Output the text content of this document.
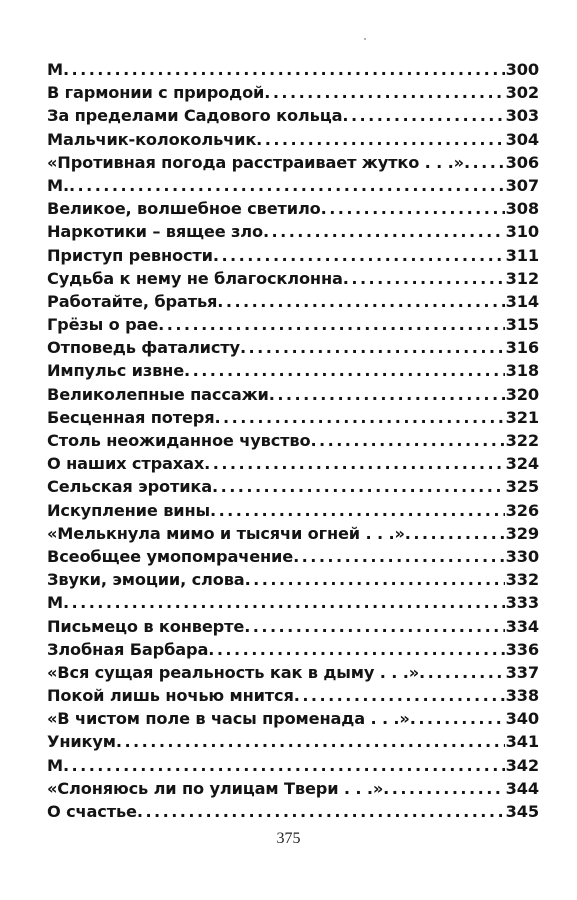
М . . .	300
В гармонии с природой . . .	302
За пределами Садового кольца . . .	303
Мальчик-колокольчик . . .	304
«Противная погода расстраивает жутко . . .» . . .	306
М. . . .	307
Великое, волшебное светило . . .	308
Наркотики – вящее зло . . .	310
Приступ ревности . . .	311
Судьба к нему не благосклонна . . .	312
Работайте, братья . . .	314
Грёзы о рае . . .	315
Отповедь фаталисту . . .	316
Импульс извне . . .	318
Великолепные пассажи . . .	320
Бесценная потеря . . .	321
Столь неожиданное чувство . . .	322
О наших страхах . . .	324
Сельская эротика . . .	325
Искупление вины . . .	326
«Мелькнула мимо и тысячи огней . . .» . . .	329
Всеобщее умопомрачение . . .	330
Звуки, эмоции, слова . . .	332
М . . .	333
Письмецо в конверте . . .	334
Злобная Барбара . . .	336
«Вся сущая реальность как в дыму . . .» . . .	337
Покой лишь ночью мнится . . .	338
«В чистом поле в часы променада . . .» . . .	340
Уникум . . .	341
М . . .	342
«Слоняюсь ли по улицам Твери . . .» . . .	344
О счастье . . .	345
375
